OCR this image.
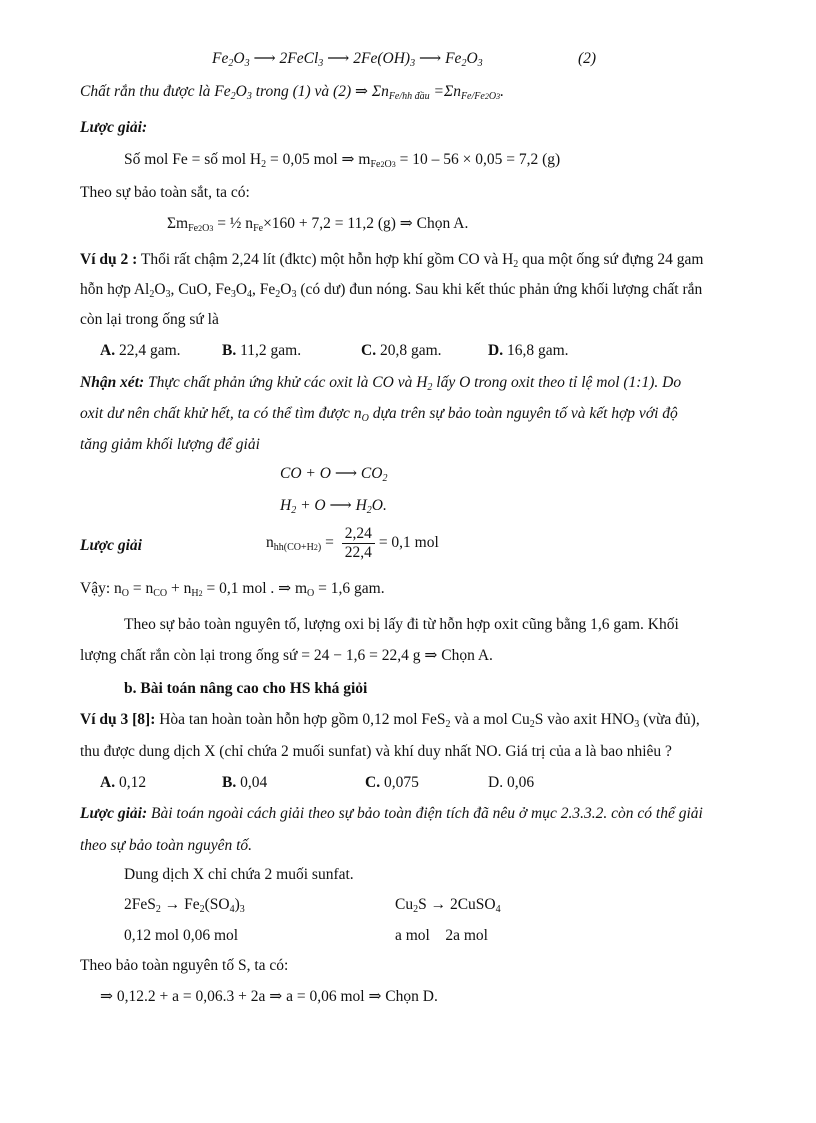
$Fe_2O_3$ ⟶ 2FeCl$_3$ ⟶ $2Fe(OH)_3$ ⟶ $Fe_2O_3$	(2)
Chất rắn thu được là $Fe_2O_3$ trong (1) và (2) ⇒ $\Sigma n_{Fe/hh đầu} =\Sigma n_{Fe/Fe2O3}$.
Lược giải:
Số mol Fe = số mol $H_2 = 0,05$ mol ⇒ $m_{Fe2O3} = 10 - 56 \times 0,05 = 7,2$ (g)
Theo sự bảo toàn sắt, ta có:
$\Sigma m_{Fe2O3}$ = ½ $n_{Fe}\times 160 + 7,2 = 11,2$ (g) ⇒ Chọn A.
Ví dụ 2 : Thổi rất chậm 2,24 lít (đktc) một hỗn hợp khí gồm CO và $H_2$ qua một ống sứ đựng 24 gam
hỗn hợp $Al_2O_3$, CuO, $Fe_3O_4$, $Fe_2O_3$ (có dư) đun nóng. Sau khi kết thúc phản ứng khối lượng chất rắn
còn lại trong ống sứ là
A. 22,4 gam.	B. 11,2 gam.	C. 20,8 gam.	D. 16,8 gam.
Nhận xét: Thực chất phản ứng khử các oxit là CO và $H_2$ lấy O trong oxit theo tỉ lệ mol (1:1). Do
oxit dư nên chất khử hết, ta có thể tìm được $n_O$ dựa trên sự bảo toàn nguyên tố và kết hợp với độ
tăng giảm khối lượng để giải
CO + O ⟶ $CO_2$
$H_2 + O$ ⟶ $H_2O$.
Lược giải	$n_{hh(CO+H2)} = \frac{2,24}{22,4} = 0,1$ mol
Vậy: $n_O = n_{CO} + n_{H2} = 0,1$ mol . ⇒ $m_O = 1,6$ gam.
Theo sự bảo toàn nguyên tố, lượng oxi bị lấy đi từ hỗn hợp oxit cũng bằng 1,6 gam. Khối
lượng chất rắn còn lại trong ống sứ = 24 − 1,6 = 22,4 g ⇒ Chọn A.
b. Bài toán nâng cao cho HS khá giỏi
Ví dụ 3 [8]: Hòa tan hoàn toàn hỗn hợp gồm 0,12 mol FeS$_2$ và a mol $Cu_2S$ vào axit $HNO_3$ (vừa đủ),
thu được dung dịch X (chỉ chứa 2 muối sunfat) và khí duy nhất NO. Giá trị của a là bao nhiêu ?
A. 0,12	B. 0,04	C. 0,075	D. 0,06
Lược giải: Bài toán ngoài cách giải theo sự bảo toàn điện tích đã nêu ở mục 2.3.3.2. còn có thể giải
theo sự bảo toàn nguyên tố.
Dung dịch X chỉ chứa 2 muối sunfat.
$2FeS_2 \to Fe_2(SO_4)_3$	$Cu_2S$ → 2CuSO$_4$
0,12 mol 0,06 mol	a mol    2a mol
Theo bảo toàn nguyên tố S, ta có:
⇒ 0,12.2 + a = 0,06.3 + 2a ⇒ a = 0,06 mol ⇒ Chọn D.
